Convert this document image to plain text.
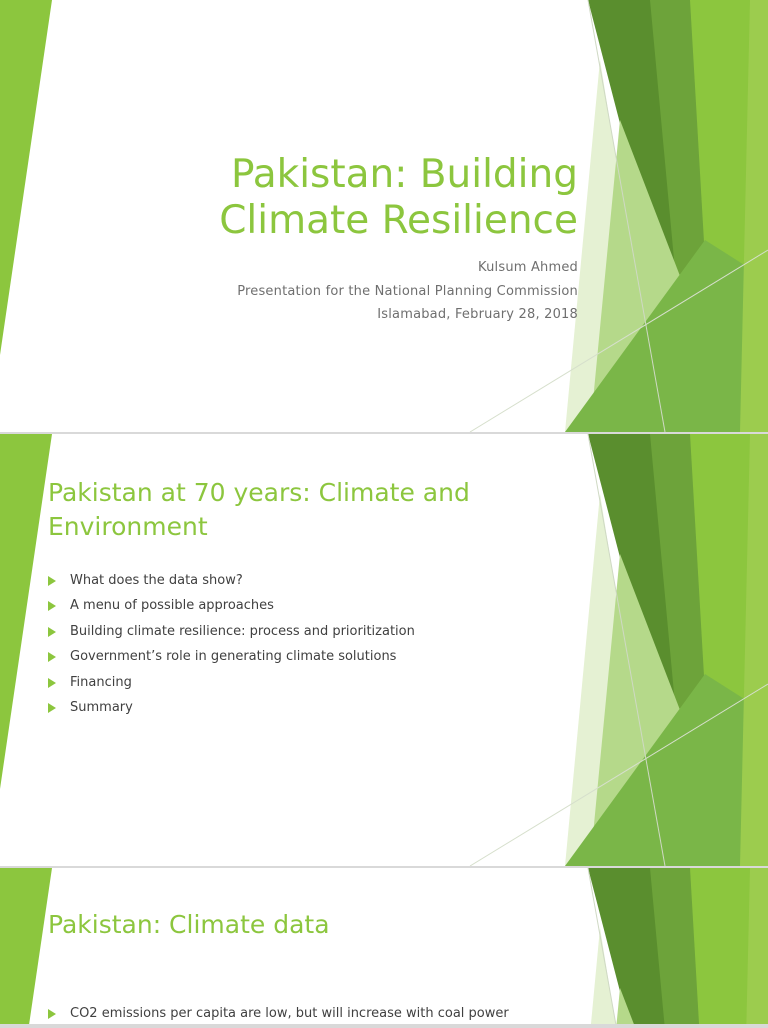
Pakistan: Building
Climate Resilience
Kulsum Ahmed
Presentation for the National Planning Commission
Islamabad, February 28, 2018
Pakistan at 70 years: Climate and
Environment
What does the data show?
A menu of possible approaches
Building climate resilience: process and prioritization
Government’s role in generating climate solutions
Financing
Summary
Pakistan: Climate data
CO2 emissions per capita are low, but will increase with coal power
